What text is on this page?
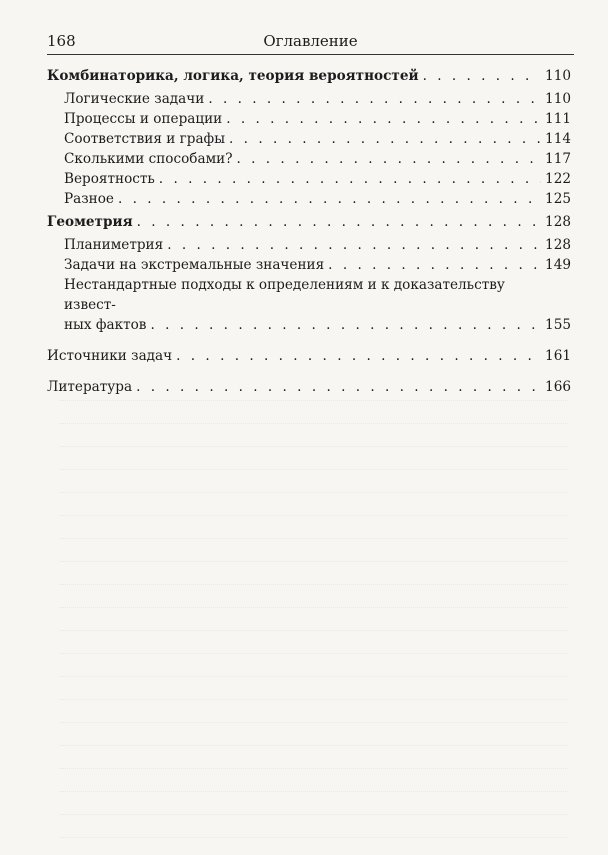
168	Оглавление
Комбинаторика, логика, теория вероятностей . . .	110
Логические задачи . . .	110
Процессы и операции . . .	111
Соответствия и графы . . .	114
Сколькими способами? . . .	117
Вероятность . . .	122
Разное . . .	125
Геометрия . . .	128
Планиметрия . . .	128
Задачи на экстремальные значения . . .	149
Нестандартные подходы к определениям и к доказательству извест-
ных фактов . . .	155
Источники задач . . .	161
Литература . . .	166
